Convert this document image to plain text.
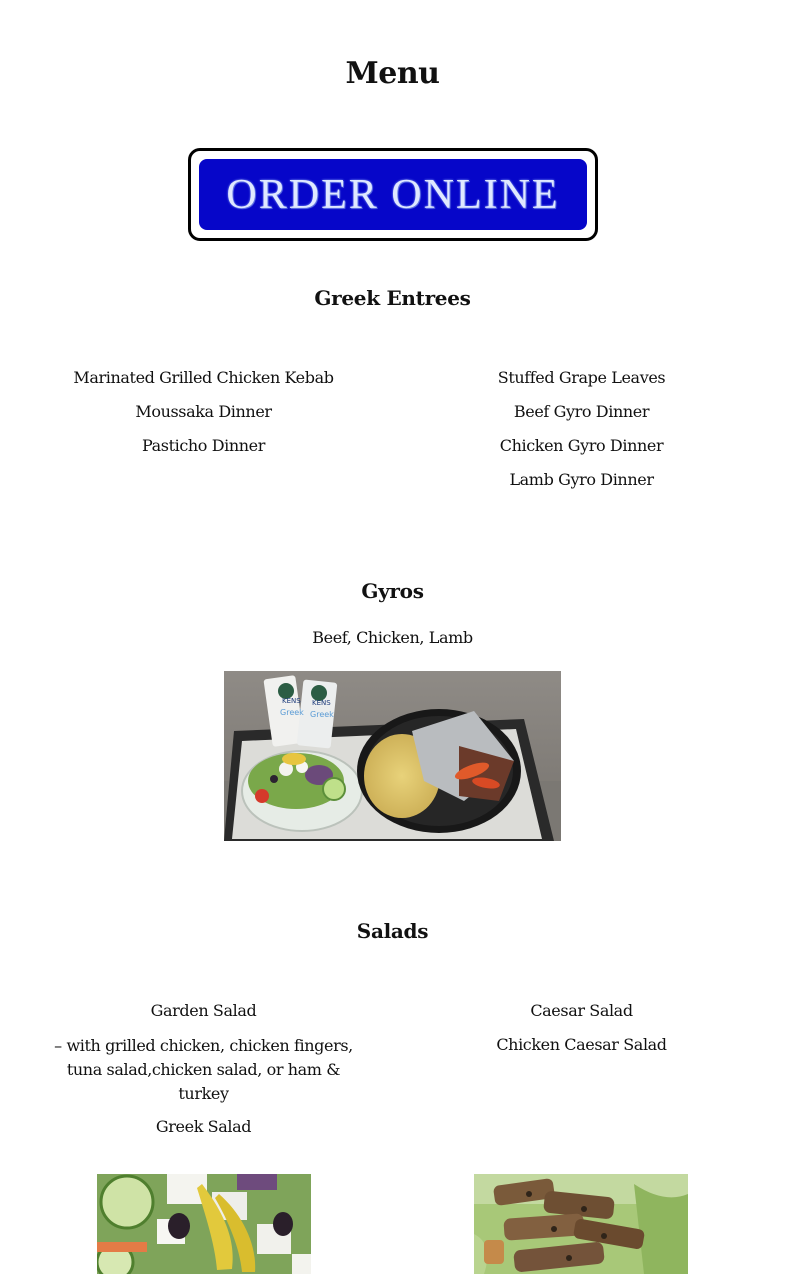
Menu
ORDER ONLINE
Greek Entrees
Marinated Grilled Chicken Kebab
Moussaka Dinner
Pasticho Dinner
Stuffed Grape Leaves
Beef Gyro Dinner
Chicken Gyro Dinner
Lamb Gyro Dinner
Gyros
Beef, Chicken, Lamb
KENS
Greek
KENS
Greek
Salads
Garden Salad
– with grilled chicken, chicken fingers, tuna salad,chicken salad, or ham & turkey
Greek Salad
Caesar Salad
Chicken Caesar Salad
